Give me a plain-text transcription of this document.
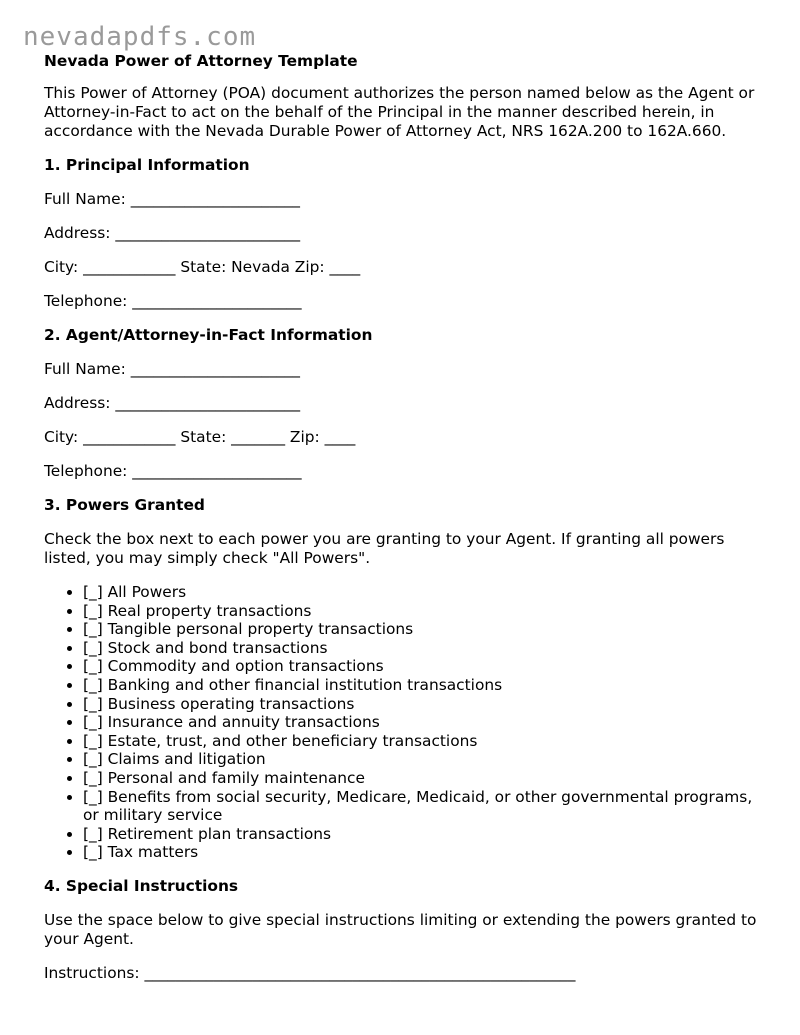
nevadapdfs.com
Nevada Power of Attorney Template

This Power of Attorney (POA) document authorizes the person named below as the Agent or Attorney-in-Fact to act on the behalf of the Principal in the manner described herein, in accordance with the Nevada Durable Power of Attorney Act, NRS 162A.200 to 162A.660.

1. Principal Information

Full Name: ______________________

Address: ________________________

City: ____________ State: Nevada Zip: ____

Telephone: ______________________

2. Agent/Attorney-in-Fact Information

Full Name: ______________________

Address: ________________________

City: ____________ State: _______ Zip: ____

Telephone: ______________________

3. Powers Granted

Check the box next to each power you are granting to your Agent. If granting all powers listed, you may simply check "All Powers".

• [_] All Powers
• [_] Real property transactions
• [_] Tangible personal property transactions
• [_] Stock and bond transactions
• [_] Commodity and option transactions
• [_] Banking and other financial institution transactions
• [_] Business operating transactions
• [_] Insurance and annuity transactions
• [_] Estate, trust, and other beneficiary transactions
• [_] Claims and litigation
• [_] Personal and family maintenance
• [_] Benefits from social security, Medicare, Medicaid, or other governmental programs, or military service
• [_] Retirement plan transactions
• [_] Tax matters

4. Special Instructions

Use the space below to give special instructions limiting or extending the powers granted to your Agent.

Instructions: ________________________________________________________
